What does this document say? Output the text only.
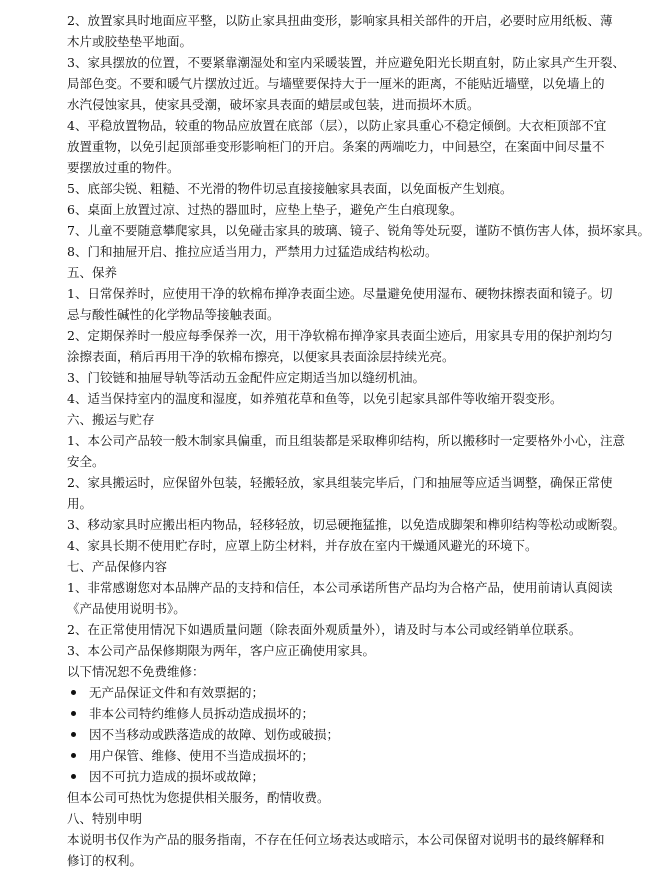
2、放置家具时地面应平整，以防止家具扭曲变形，影响家具相关部件的开启，必要时应用纸板、薄
木片或胶垫垫平地面。
3、家具摆放的位置，不要紧靠潮湿处和室内采暖装置，并应避免阳光长期直射，防止家具产生开裂、
局部色变。不要和暖气片摆放过近。与墙壁要保持大于一厘米的距离，不能贴近墙壁，以免墙上的
水汽侵蚀家具，使家具受潮，破坏家具表面的蜡层或包装，进而损坏木质。
4、平稳放置物品，较重的物品应放置在底部（层），以防止家具重心不稳定倾倒。大衣柜顶部不宜
放置重物，以免引起顶部垂变形影响柜门的开启。条案的两端吃力，中间悬空，在案面中间尽量不
要摆放过重的物件。
5、底部尖锐、粗糙、不光滑的物件切忌直接接触家具表面，以免面板产生划痕。
6、桌面上放置过凉、过热的器皿时，应垫上垫子，避免产生白痕现象。
7、儿童不要随意攀爬家具，以免碰击家具的玻璃、镜子、锐角等处玩耍，谨防不慎伤害人体，损坏家具。
8、门和抽屉开启、推拉应适当用力，严禁用力过猛造成结构松动。
五、保养
1、日常保养时，应使用干净的软棉布掸净表面尘迹。尽量避免使用湿布、硬物抹擦表面和镜子。切
忌与酸性碱性的化学物品等接触表面。
2、定期保养时一般应每季保养一次，用干净软棉布掸净家具表面尘迹后，用家具专用的保护剂均匀
涂擦表面，稍后再用干净的软棉布擦亮，以便家具表面涂层持续光亮。
3、门铰链和抽屉导轨等活动五金配件应定期适当加以缝纫机油。
4、适当保持室内的温度和湿度，如养殖花草和鱼等，以免引起家具部件等收缩开裂变形。
六、搬运与贮存
1、本公司产品较一般木制家具偏重，而且组装都是采取榫卯结构，所以搬移时一定要格外小心，注意
安全。
2、家具搬运时，应保留外包装，轻搬轻放，家具组装完毕后，门和抽屉等应适当调整，确保正常使
用。
3、移动家具时应搬出柜内物品，轻移轻放，切忌硬拖猛推，以免造成脚架和榫卯结构等松动或断裂。
4、家具长期不使用贮存时，应罩上防尘材料，并存放在室内干燥通风避光的环境下。
七、产品保修内容
1、非常感谢您对本品牌产品的支持和信任，本公司承诺所售产品均为合格产品，使用前请认真阅读
《产品使用说明书》。
2、在正常使用情况下如遇质量问题（除表面外观质量外），请及时与本公司或经销单位联系。
3、本公司产品保修期限为两年，客户应正确使用家具。
以下情况恕不免费维修：
无产品保证文件和有效票据的；
非本公司特约维修人员拆动造成损坏的；
因不当移动或跌落造成的故障、划伤或破损；
用户保管、维修、使用不当造成损坏的；
因不可抗力造成的损坏或故障；
但本公司可热忱为您提供相关服务，酌情收费。
八、特别申明
本说明书仅作为产品的服务指南，不存在任何立场表达或暗示，本公司保留对说明书的最终解释和
修订的权利。
